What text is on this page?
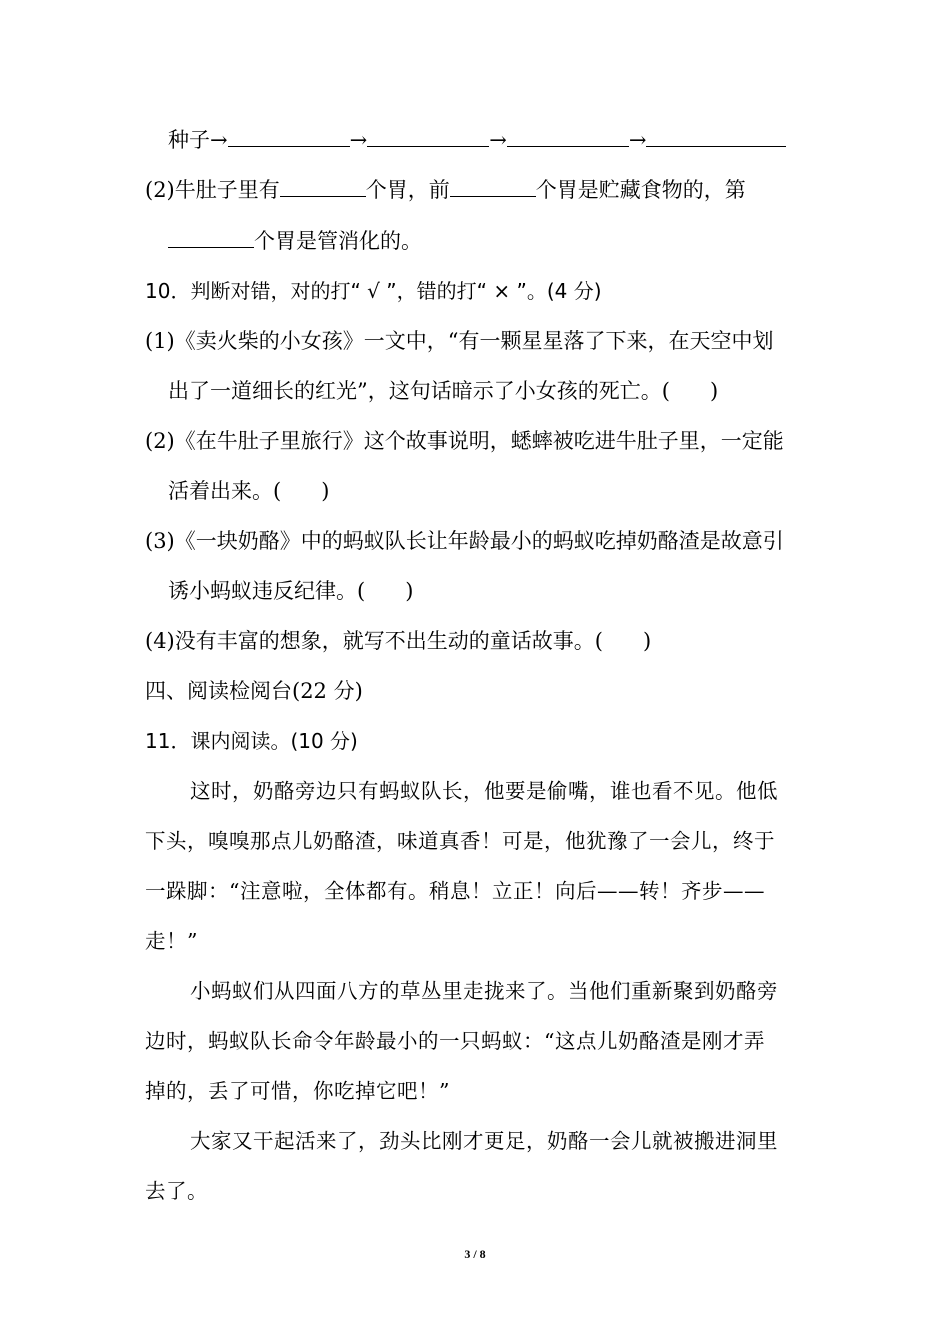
种子→	→	→	→
(2)牛肚子里有	个胃，前	个胃是贮藏食物的，第
个胃是管消化的。
10．判断对错，对的打“ √ ”，错的打“ × ”。(4 分)
(1)《卖火柴的小女孩》一文中，“有一颗星星落了下来，在天空中划
出了一道细长的红光”，这句话暗示了小女孩的死亡。( )
(2)《在牛肚子里旅行》这个故事说明，蟋蟀被吃进牛肚子里，一定能
活着出来。( )
(3)《一块奶酪》中的蚂蚁队长让年龄最小的蚂蚁吃掉奶酪渣是故意引
诱小蚂蚁违反纪律。( )
(4)没有丰富的想象，就写不出生动的童话故事。( )
四、阅读检阅台(22 分)
11．课内阅读。(10 分)
这时，奶酪旁边只有蚂蚁队长，他要是偷嘴，谁也看不见。他低
下头，嗅嗅那点儿奶酪渣，味道真香！可是，他犹豫了一会儿，终于
一跺脚：“注意啦，全体都有。稍息！立正！向后——转！齐步——
走！”
小蚂蚁们从四面八方的草丛里走拢来了。当他们重新聚到奶酪旁
边时，蚂蚁队长命令年龄最小的一只蚂蚁：“这点儿奶酪渣是刚才弄
掉的，丢了可惜，你吃掉它吧！”
大家又干起活来了，劲头比刚才更足，奶酪一会儿就被搬进洞里
去了。
3 / 8
